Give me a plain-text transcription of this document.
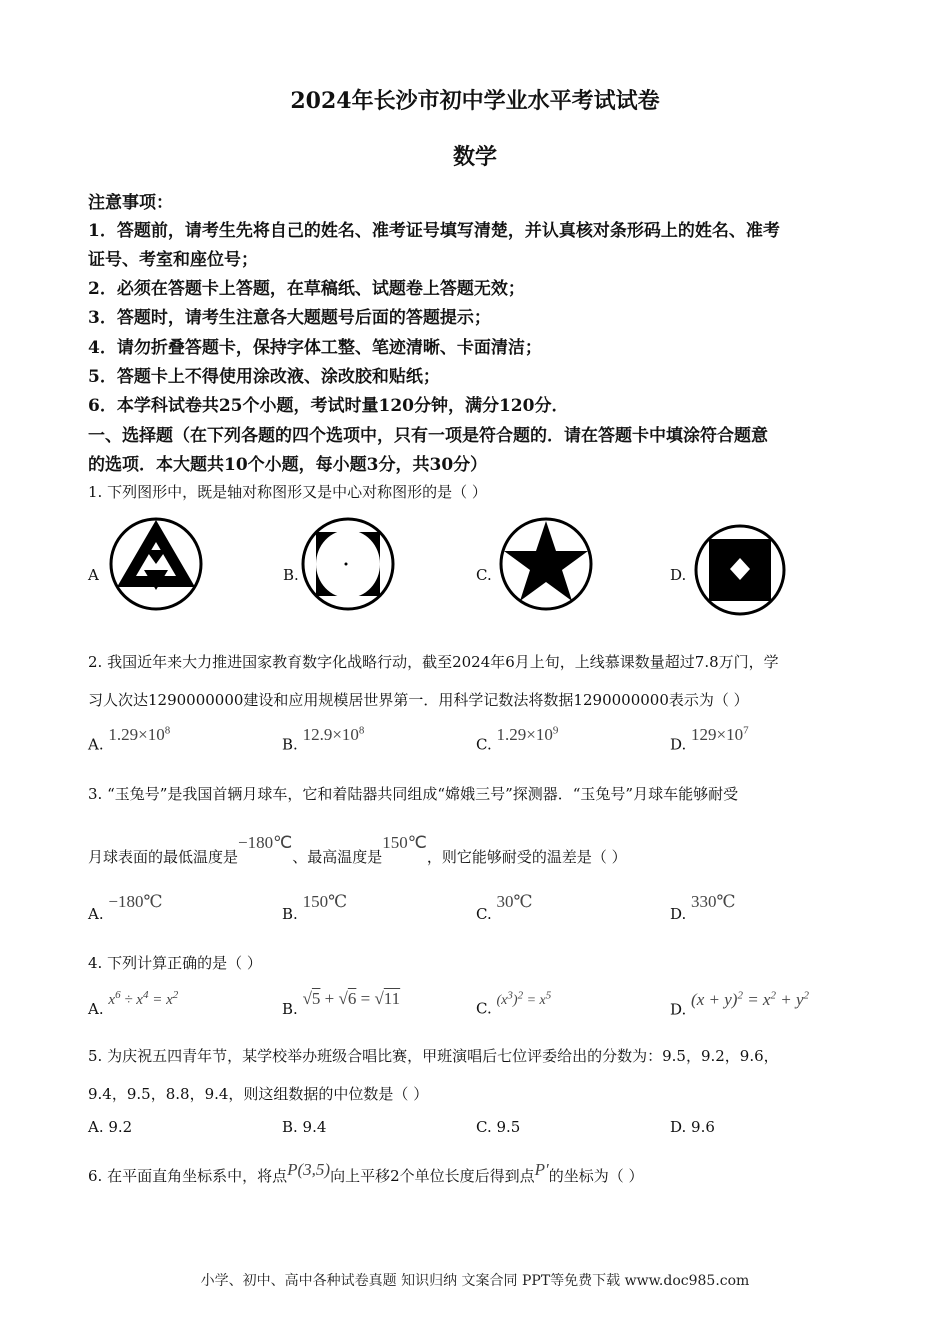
2024年长沙市初中学业水平考试试卷
数学
注意事项：
1．答题前，请考生先将自己的姓名、准考证号填写清楚，并认真核对条形码上的姓名、准考
证号、考室和座位号；
2．必须在答题卡上答题，在草稿纸、试题卷上答题无效；
3．答题时，请考生注意各大题题号后面的答题提示；
4．请勿折叠答题卡，保持字体工整、笔迹清晰、卡面清洁；
5．答题卡上不得使用涂改液、涂改胶和贴纸；
6．本学科试卷共25个小题，考试时量120分钟，满分120分．
一、选择题（在下列各题的四个选项中，只有一项是符合题的．请在答题卡中填涂符合题意
的选项．本大题共10个小题，每小题3分，共30分）
1. 下列图形中，既是轴对称图形又是中心对称图形的是（ ）
A	B.	C.	D.
2. 我国近年来大力推进国家教育数字化战略行动，截至2024年6月上旬，上线慕课数量超过7.8万门，学
习人次达1290000000建设和应用规模居世界第一．用科学记数法将数据1290000000表示为（ ）
A. $1.29\times 10^8$
B. $12.9\times 10^8$
C. $1.29\times 10^9$
D. $129\times 10^7$
3. “玉兔号”是我国首辆月球车，它和着陆器共同组成“嫦娥三号”探测器．“玉兔号”月球车能够耐受
月球表面的最低温度是−180℃、最高温度是150℃，则它能够耐受的温差是（ ）
A. −180℃
B. 150℃
C. 30℃
D. 330℃
4. 下列计算正确的是（ ）
A. $x^6 \div x^4 = x^2$
B. √5 + √6 = √11
C. $(x^3)^2 = x^5$
D. $(x + y)^2 = x^2 + y^2$
5. 为庆祝五四青年节，某学校举办班级合唱比赛，甲班演唱后七位评委给出的分数为：9.5，9.2，9.6，
9.4，9.5，8.8，9.4，则这组数据的中位数是（ ）
A. 9.2	B. 9.4	C. 9.5	D. 9.6
6. 在平面直角坐标系中，将点P(3,5)向上平移2个单位长度后得到点P′的坐标为（ ）
小学、初中、高中各种试卷真题 知识归纳 文案合同 PPT等免费下载 www.doc985.com
